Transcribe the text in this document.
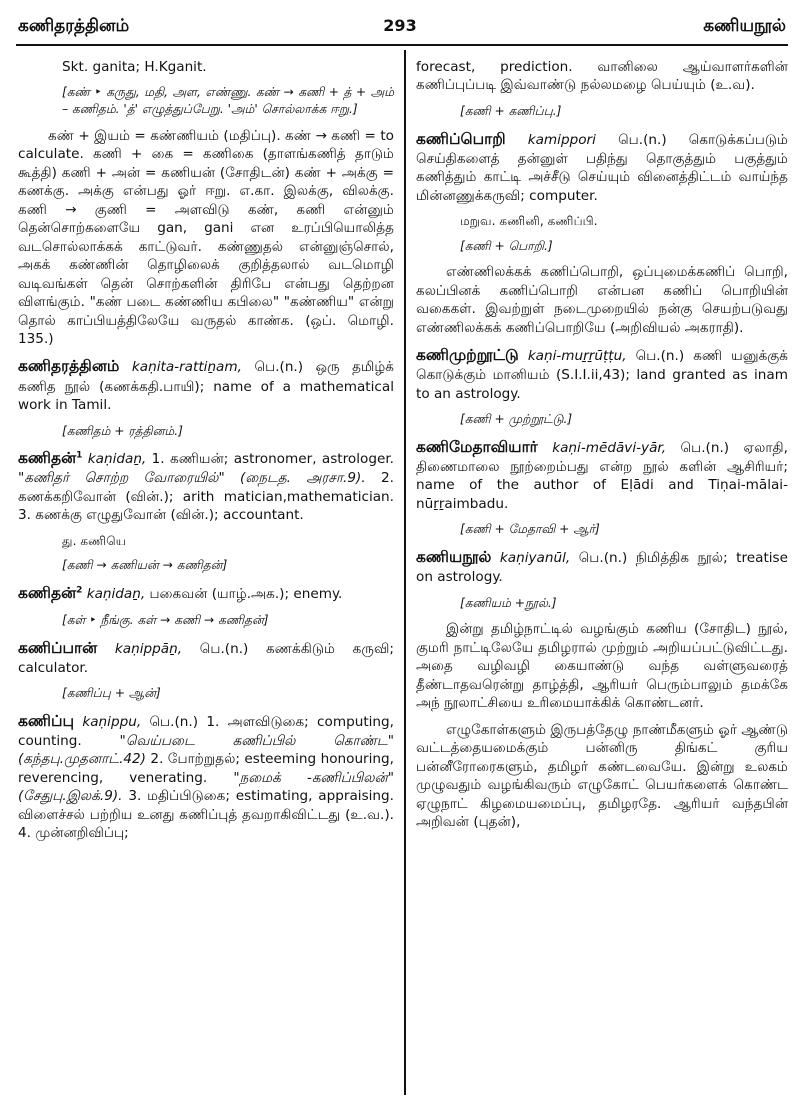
கணிதரத்தினம்	293	கணியநூல்

Skt. ganita; H.Kganit.

[கண் ‣ கருது, மதி, அள, எண்ணு. கண் → கணி + த் + அம் – கணிதம். 'த்' எழுத்துப்பேறு. 'அம்' சொல்லாக்க ஈறு.]

கண் + இயம் = கண்ணியம் (மதிப்பு). கண் → கணி = to calculate. கணி + கை = கணிகை (தாளங்கணித் தாடும் கூத்தி) கணி + அன் = கணியன் (சோதிடன்) கண் + அக்கு = கணக்கு. அக்கு என்பது ஓர் ஈறு. எ.கா. இலக்கு, விலக்கு. கணி → குணி = அளவிடு கண், கணி என்னும் தென்சொற்களையே gan, gani என உரப்பியொலித்த வடசொல்லாக்கக் காட்டுவர். கண்ணுதல் என்னுஞ்சொல், அகக் கண்ணின் தொழிலைக் குறித்தலால் வடமொழி வடிவங்கள் தென் சொற்களின் திரிபே என்பது தெற்றன விளங்கும். "கண் படை கண்ணிய கபிலை" "கண்ணிய" என்று தொல் காப்பியத்திலேயே வருதல் காண்க. (ஒப். மொழி. 135.)

கணிதரத்தினம் kaṇita-rattiṉam, பெ.(n.) ஒரு தமிழ்க் கணித நூல் (கணக்கதி.பாயி); name of a mathematical work in Tamil.

[கணிதம் + ரத்தினம்.]

கணிதன்$^1$ kaṇidaṉ, 1. கணியன்; astronomer, astrologer. "கணிதர் சொற்ற வோரையில்" (நைடத. அரசா.9). 2. கணக்கறிவோன் (வின்.); arith matician,mathematician. 3. கணக்கு எழுதுவோன் (வின்.); accountant.

து. கணியெ

[கணி → கணியன் → கணிதன்]

கணிதன்$^2$ kaṇidaṉ, பகைவன் (யாழ்.அக.); enemy.

[கள் ‣ நீங்கு. கள் → கணி → கணிதன்]

கணிப்பான் kaṇippāṉ, பெ.(n.) கணக்கிடும் கருவி; calculator.

[கணிப்பு + ஆன்]

கணிப்பு kaṇippu, பெ.(n.) 1. அளவிடுகை; computing, counting.	"வெய்படை கணிப்பில் கொண்ட" (கந்தபு.முதனாட்.42) 2. போற்றுதல்; esteeming honouring, reverencing, venerating. "நமைக் -கணிப்பிலன்" (சேதுபு.இலக்.9). 3. மதிப்பிடுகை; estimating, appraising. விளைச்சல் பற்றிய உனது கணிப்புத் தவறாகிவிட்டது (உ.வ.). 4. முன்னறிவிப்பு;

forecast, prediction. வானிலை ஆய்வாளர்களின் கணிப்புப்படி இவ்வாண்டு நல்லமழை பெய்யும் (உ.வ).

[கணி + கணிப்பு.]

கணிப்பொறி kamippori பெ.(n.) கொடுக்கப்படும் செய்திகளைத் தன்னுள் பதிந்து தொகுத்தும் பகுத்தும் கணித்தும் காட்டி அச்சீடு செய்யும் வினைத்திட்டம் வாய்ந்த மின்னணுக்கருவி; computer.

மறுவ. கணினி, கணிப்பி.

[கணி + பொறி.]

எண்ணிலக்கக் கணிப்பொறி, ஒப்புமைக்கணிப் பொறி, கலப்பினக் கணிப்பொறி என்பன கணிப் பொறியின் வகைகள். இவற்றுள் நடைமுறையில் நன்கு செயற்படுவது எண்ணிலக்கக் கணிப்பொறியே (அறிவியல் அகராதி).

கணிமுற்றூட்டு kaṇi-muṟṟūṭṭu, பெ.(n.) கணி யனுக்குக் கொடுக்கும் மானியம் (S.I.I.ii,43); land granted as inam to an astrology.

[கணி + முற்றூட்டு.]

கணிமேதாவியார் kaṇi-mēdāvi-yār, பெ.(n.) ஏலாதி, திணைமாலை நூற்றைம்பது என்ற நூல் களின் ஆசிரியர்; name of the author of Eḷādi and Tiṇai-mālai-nūṟṟaimbadu.

[கணி + மேதாவி + ஆர்]

கணியநூல் kaṇiyanūl, பெ.(n.) நிமித்திக நூல்; treatise on astrology.

[கணியம் +நூல்.]

இன்று தமிழ்நாட்டில் வழங்கும் கணிய (சோதிட) நூல், குமரி நாட்டிலேயே தமிழரால் முற்றும் அறியப்பட்டுவிட்டது. அதை வழிவழி கையாண்டு வந்த வள்ளுவரைத் தீண்டாதவரென்று தாழ்த்தி, ஆரியர் பெரும்பாலும் தமக்கே அந் நூலாட்சியை உரிமையாக்கிக் கொண்டனர்.

எழுகோள்களும் இருபத்தேழு நாண்மீகளும் ஓர் ஆண்டு வட்டத்தையமைக்கும் பன்னிரு திங்கட் குரிய பன்னீரோரைகளும், தமிழர் கண்டவையே. இன்று உலகம் முழுவதும் வழங்கிவரும் எழுகோட் பெயர்களைக் கொண்ட ஏழுநாட் கிழமையமைப்பு, தமிழரதே. ஆரியர் வந்தபின் அறிவன் (புதன்),
